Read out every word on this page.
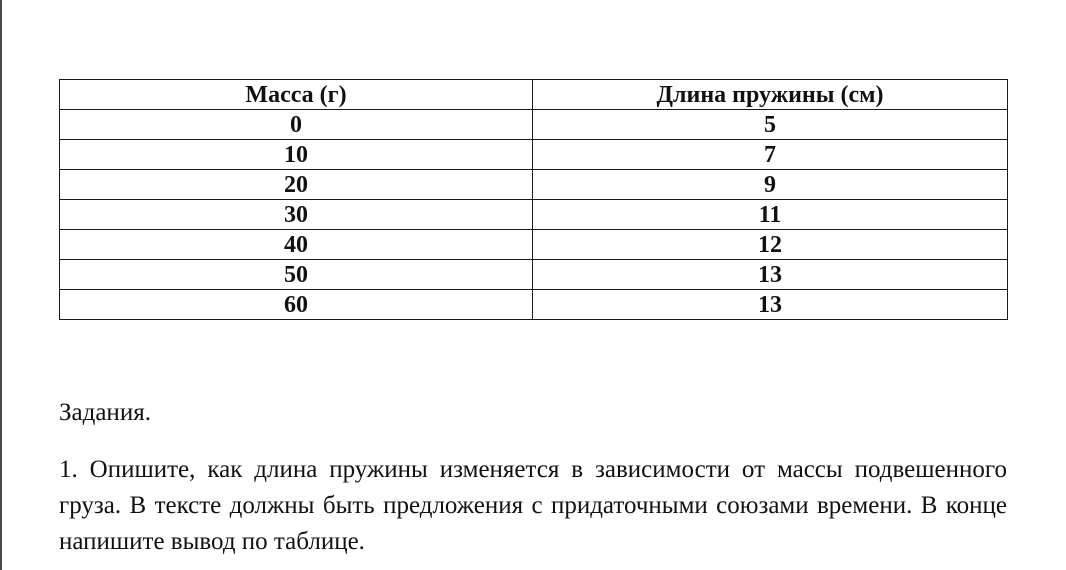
Масса (г)	Длина пружины (см)
0	5
10	7
20	9
30	11
40	12
50	13
60	13

Задания.

1. Опишите, как длина пружины изменяется в зависимости от массы подвешенного груза. В тексте должны быть предложения с придаточными союзами времени. В конце напишите вывод по таблице.
